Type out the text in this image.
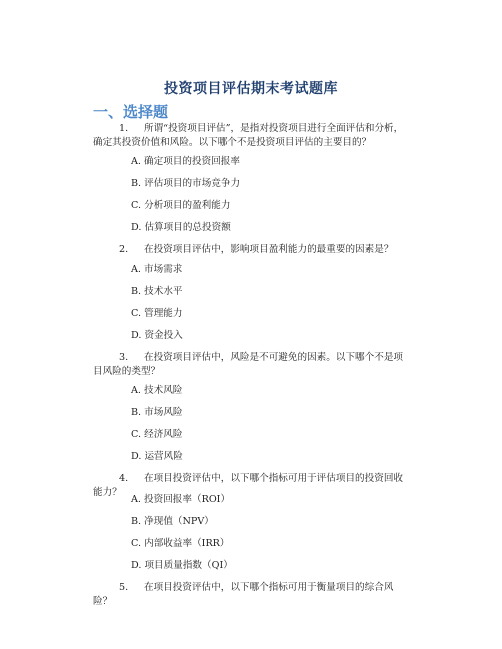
投资项目评估期末考试题库
一、选择题
1. 所谓“投资项目评估”，是指对投资项目进行全面评估和分析，确定其投资价值和风险。以下哪个不是投资项目评估的主要目的？
A. 确定项目的投资回报率
B. 评估项目的市场竞争力
C. 分析项目的盈利能力
D. 估算项目的总投资额
2. 在投资项目评估中，影响项目盈利能力的最重要的因素是？
A. 市场需求
B. 技术水平
C. 管理能力
D. 资金投入
3. 在投资项目评估中，风险是不可避免的因素。以下哪个不是项目风险的类型？
A. 技术风险
B. 市场风险
C. 经济风险
D. 运营风险
4. 在项目投资评估中，以下哪个指标可用于评估项目的投资回收能力？
A. 投资回报率（ROI）
B. 净现值（NPV）
C. 内部收益率（IRR）
D. 项目质量指数（QI）
5. 在项目投资评估中，以下哪个指标可用于衡量项目的综合风险？
